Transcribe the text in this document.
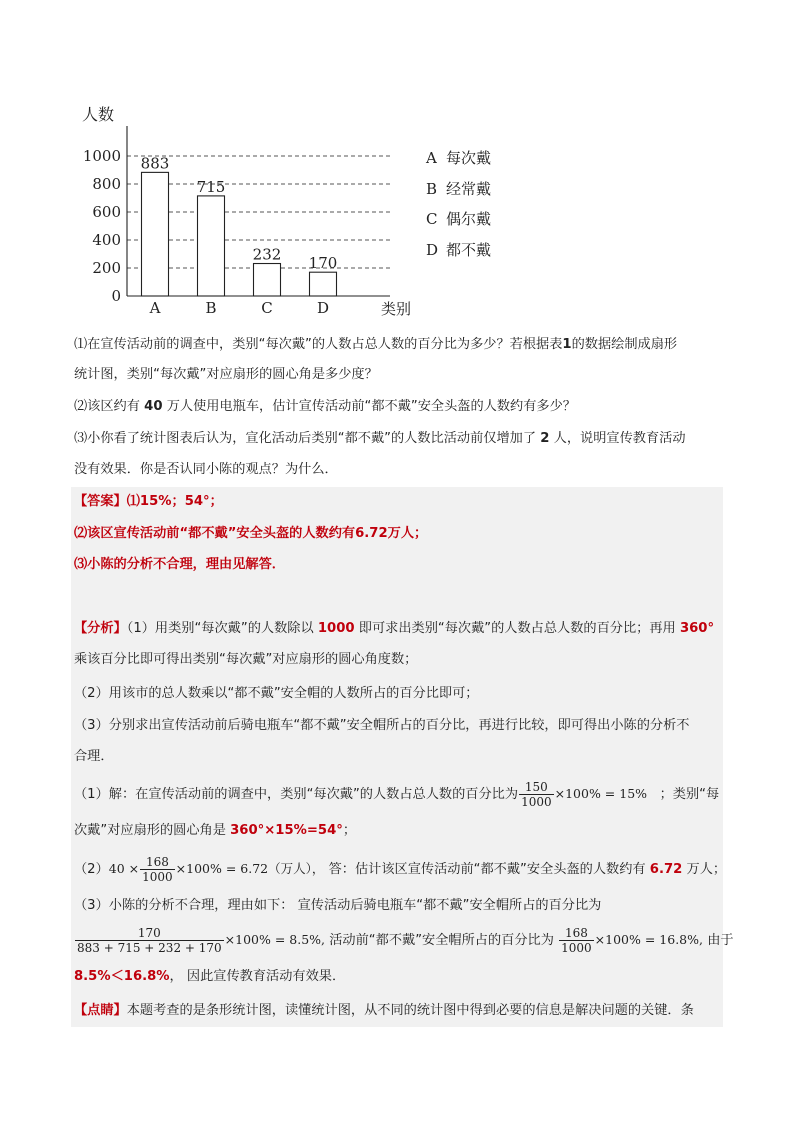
0
200
400
600
800
1000 883
A
715
B
232
C
170
D
人数
类别
A 每次戴
B 经常戴
C 偶尔戴
D 都不戴
⑴在宣传活动前的调查中，类别“每次戴”的人数占总人数的百分比为多少？若根据表1的数据绘制成扇形
统计图，类别“每次戴”对应扇形的圆心角是多少度？
⑵该区约有 40 万人使用电瓶车，估计宣传活动前“都不戴”安全头盔的人数约有多少？
⑶小你看了统计图表后认为，宣化活动后类别“都不戴”的人数比活动前仅增加了 2 人，说明宣传教育活动
没有效果．你是否认同小陈的观点？为什么．
【答案】⑴15%；54°；
⑵该区宣传活动前“都不戴”安全头盔的人数约有6.72万人；
⑶小陈的分析不合理，理由见解答．
【分析】（1）用类别“每次戴”的人数除以 1000 即可求出类别“每次戴”的人数占总人数的百分比；再用 360°
乘该百分比即可得出类别“每次戴”对应扇形的圆心角度数；
（2）用该市的总人数乘以“都不戴”安全帽的人数所占的百分比即可；
（3）分别求出宣传活动前后骑电瓶车“都不戴”安全帽所占的百分比，再进行比较，即可得出小陈的分析不
合理．
（1）解：在宣传活动前的调查中，类别“每次戴”的人数占总人数的百分比为 $\frac{150}{1000} \times 100\% = 15\%$ ；类别“每
次戴”对应扇形的圆心角是 360°×15%=54°；
$(2)40 \times \frac{168}{1000} \times 100\% = 6.72$（万人）， 答：估计该区宣传活动前“都不戴”安全头盔的人数约有 6.72 万人；
（3）小陈的分析不合理，理由如下： 宣传活动后骑电瓶车“都不戴”安全帽所占的百分比为
$\frac{170}{883 + 715 + 232 + 170} \times 100\% = 8.5\%$, 活动前“都不戴”安全帽所占的百分比为 $\frac{168}{1000} \times 100\% = 16.8\%$, 由于
8.5%＜16.8%， 因此宣传教育活动有效果．
【点睛】本题考查的是条形统计图，读懂统计图，从不同的统计图中得到必要的信息是解决问题的关键．条
